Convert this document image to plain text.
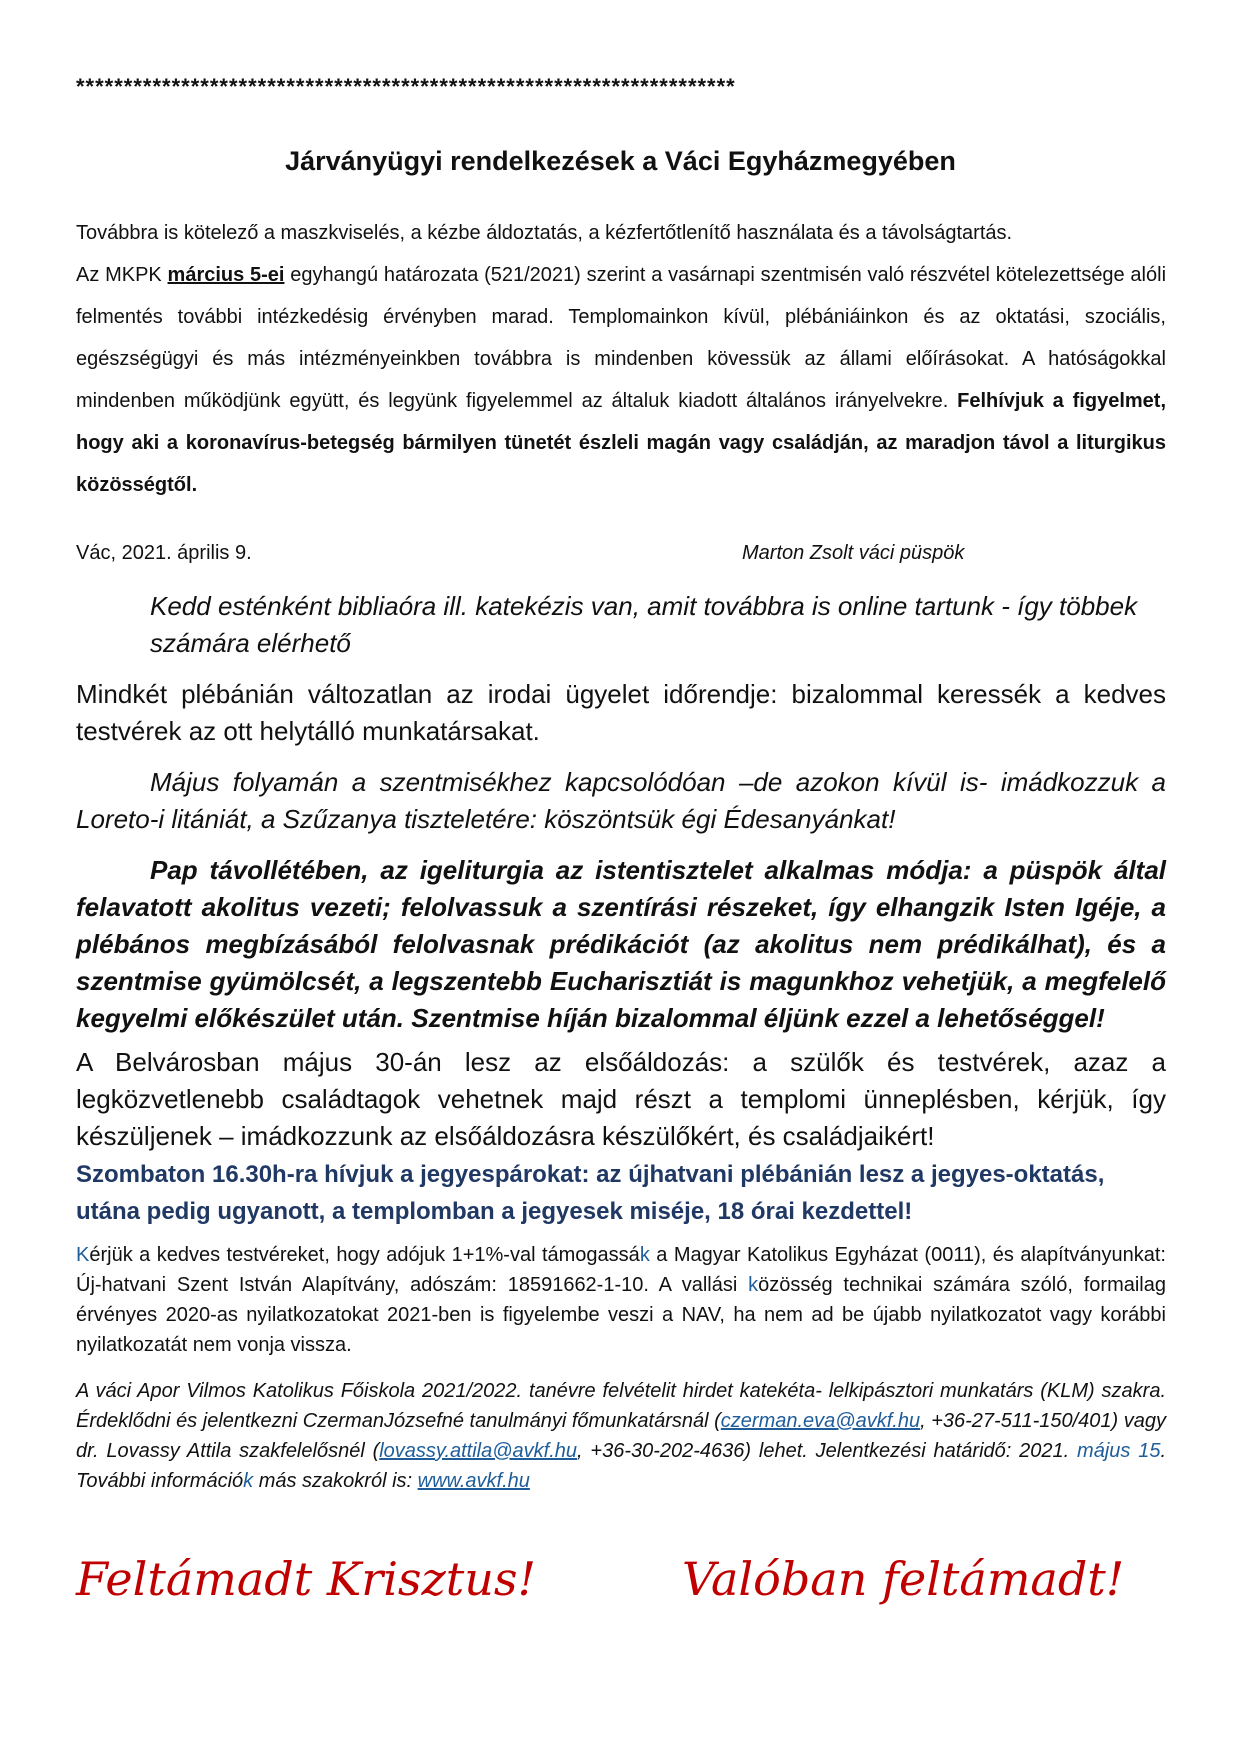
*********************************************************************
Járványügyi rendelkezések a Váci Egyházmegyében
Továbbra is kötelező a maszkviselés, a kézbe áldoztatás, a kézfertőtlenítő használata és a távolságtartás.
Az MKPK március 5-ei egyhangú határozata (521/2021) szerint a vasárnapi szentmisén való részvétel kötelezettsége alóli felmentés további intézkedésig érvényben marad. Templomainkon kívül, plébániáinkon és az oktatási, szociális, egészségügyi és más intézményeinkben továbbra is mindenben kövessük az állami előírásokat. A hatóságokkal mindenben működjünk együtt, és legyünk figyelemmel az általuk kiadott általános irányelvekre. Felhívjuk a figyelmet, hogy aki a koronavírus-betegség bármilyen tünetét észleli magán vagy családján, az maradjon távol a liturgikus közösségtől.
Vác, 2021. április 9.	Marton Zsolt váci püspök
Kedd esténként bibliaóra ill. katekézis van, amit továbbra is online tartunk - így többek számára elérhető
Mindkét plébánián változatlan az irodai ügyelet időrendje: bizalommal keressék a kedves testvérek az ott helytálló munkatársakat.
Május folyamán a szentmisékhez kapcsolódóan –de azokon kívül is- imádkozzuk a Loreto-i litániát, a Szűzanya tiszteletére: köszöntsük égi Édesanyánkat!
Pap távollétében, az igeliturgia az istentisztelet alkalmas módja: a püspök által felavatott akolitus vezeti; felolvassuk a szentírási részeket, így elhangzik Isten Igéje, a plébános megbízásából felolvasnak prédikációt (az akolitus nem prédikálhat), és a szentmise gyümölcsét, a legszentebb Eucharisztiát is magunkhoz vehetjük, a megfelelő kegyelmi előkészület után. Szentmise híján bizalommal éljünk ezzel a lehetőséggel!
A Belvárosban május 30-án lesz az elsőáldozás: a szülők és testvérek, azaz a legközvetlenebb családtagok vehetnek majd részt a templomi ünneplésben, kérjük, így készüljenek – imádkozzunk az elsőáldozásra készülőkért, és családjaikért!
Szombaton 16.30h-ra hívjuk a jegyespárokat: az újhatvani plébánián lesz a jegyes-oktatás, utána pedig ugyanott, a templomban a jegyesek miséje, 18 órai kezdettel!
Kérjük a kedves testvéreket, hogy adójuk 1+1%-val támogassák a Magyar Katolikus Egyházat (0011), és alapítványunkat: Új-hatvani Szent István Alapítvány, adószám: 18591662-1-10. A vallási közösség technikai számára szóló, formailag érvényes 2020-as nyilatkozatokat 2021-ben is figyelembe veszi a NAV, ha nem ad be újabb nyilatkozatot vagy korábbi nyilatkozatát nem vonja vissza.
A váci Apor Vilmos Katolikus Főiskola 2021/2022. tanévre felvételit hirdet katekéta- lelkipásztori munkatárs (KLM) szakra. Érdeklődni és jelentkezni CzermanJózsefné tanulmányi főmunkatársnál (czerman.eva@avkf.hu, +36-27-511-150/401) vagy dr. Lovassy Attila szakfelelősnél (lovassy.attila@avkf.hu, +36-30-202-4636) lehet. Jelentkezési határidő: 2021. május 15. További információk más szakokról is: www.avkf.hu
Feltámadt Krisztus!	Valóban feltámadt!
